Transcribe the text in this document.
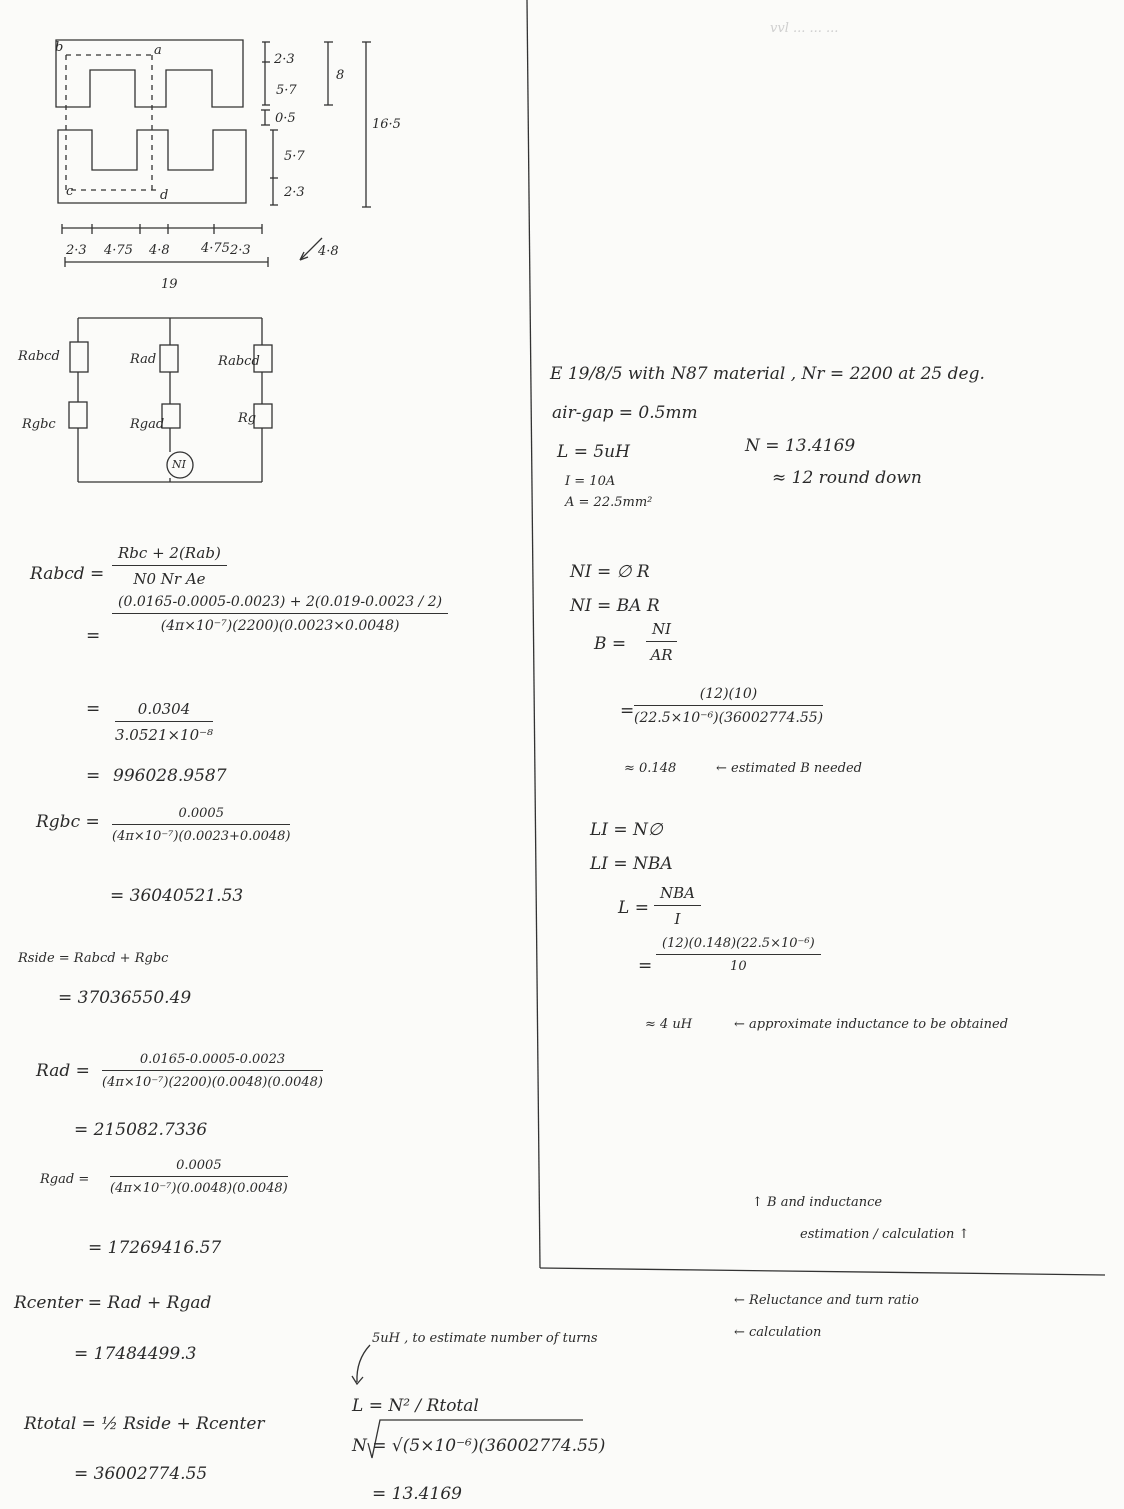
b	a
c	d
2·3
5·7
0·5
5·7
2·3
8
16·5
2·3 4·75 4·8 4·75 2·3
19
4·8
Rabcd	Rad	Rabcd
Rgbc	Rgad	Rg
NI
Rabcd =
Rbc + 2(Rab)
N0 Nr Ae
=
$\frac{(0.0165-0.0005-0.0023) + 2(0.019-0.0023 / 2)}{\text{(4π×10⁻⁷)(2200)(0.0023×0.0048)}}$
= $\frac{0.0304}{\text{3.0521×10⁻⁸}}$
= 996028.9587
Rgbc = $\frac{0.0005}{\text{(4π×10⁻⁷)(0.0023+0.0048)}}$
= 36040521.53
Rside = Rabcd + Rgbc
= 37036550.49
Rad = $\frac{0.0165-0.0005-0.0023}{\text{(4π×10⁻⁷)(2200)(0.0048)(0.0048)}}$
= 215082.7336
Rgad = $\frac{0.0005}{\text{(4π×10⁻⁷)(0.0048)(0.0048)}}$
= 17269416.57
Rcenter = Rad + Rgad
= 17484499.3
Rtotal = ½ Rside + Rcenter
= 36002774.55
5uH , to estimate number of turns
L = N² / Rtotal
N = √(5×10⁻⁶)(36002774.55)
= 13.4169
E 19/8/5 with N87 material , Nr = 2200 at 25 deg.
air-gap = 0.5mm
L = 5uH
I = 10A
A = 22.5mm²
N = 13.4169
≈ 12 round down
NI = ∅ R
NI = BA R
$B = \frac{NI}{AR}$
= $\frac{(12)(10)}{\text{(22.5×10⁻⁶)(36002774.55)}}$
≈ 0.148	← estimated B needed
LI = N∅
LI = NBA
L =
NBA
I
= $\frac{\text{(12)(0.148)(22.5×10⁻⁶)}}{10}$
≈ 4 uH	← approximate inductance to be obtained
↑ B and inductance
estimation / calculation ↑
← Reluctance and turn ratio
← calculation
vvl ... ... ...
